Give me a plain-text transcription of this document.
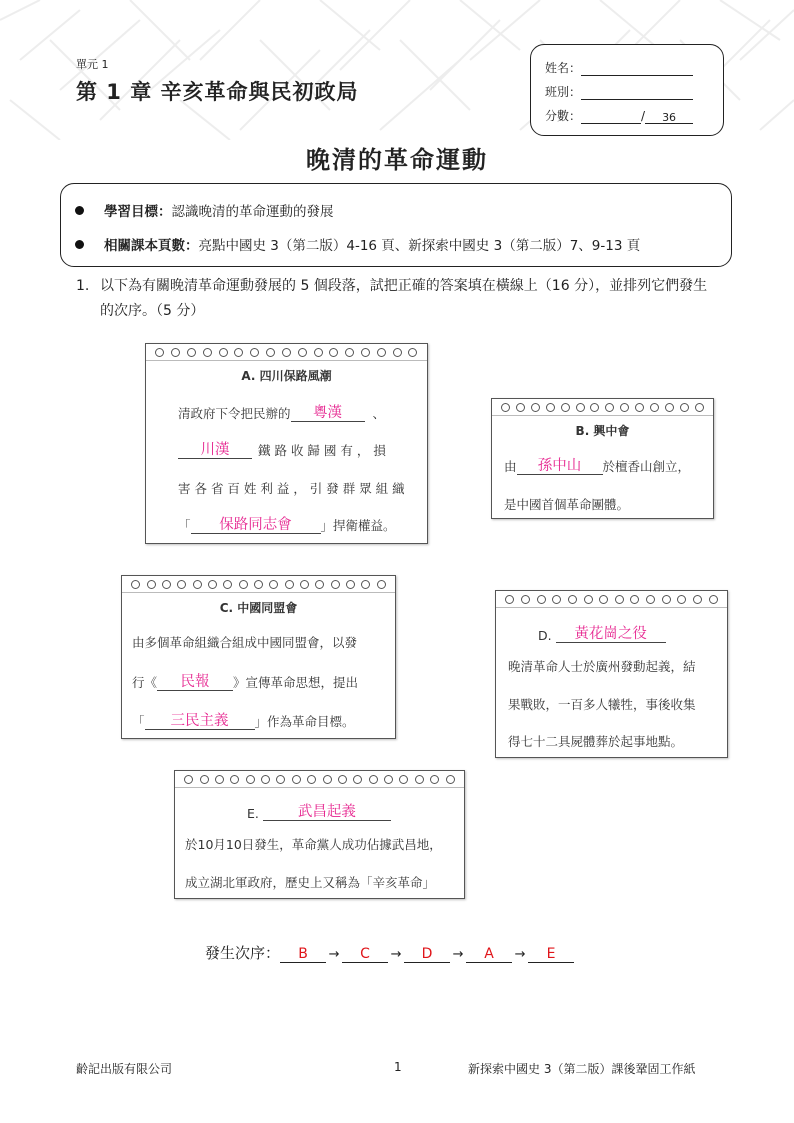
單元 1
第 1 章 辛亥革命與民初政局
姓名：
班別：
分數：	/ 36
晚清的革命運動
學習目標：認識晚清的革命運動的發展
相關課本頁數：亮點中國史 3（第二版）4-16 頁、新探索中國史 3（第二版）7、9-13 頁
1. 以下為有關晚清革命運動發展的 5 個段落，試把正確的答案填在橫線上（16 分），並排列它們發生的次序。（5 分）
A. 四川保路風潮
清政府下令把民辦的 粵漢 、
川漢 鐵 路 收 歸 國 有 ， 損
害 各 省 百 姓 利 益 ， 引 發 群 眾 組 織
「 保路同志會 」捍衛權益。
B. 興中會
由 孫中山 於檀香山創立，
是中國首個革命團體。
C. 中國同盟會
由多個革命組織合組成中國同盟會，以發
行《 民報 》宣傳革命思想，提出
「 三民主義 」作為革命目標。
D. 黃花崗之役
晚清革命人士於廣州發動起義，結
果戰敗，一百多人犧牲，事後收集
得七十二具屍體葬於起事地點。
E.	武昌起義
於10月10日發生，革命黨人成功佔據武昌地，
成立湖北軍政府，歷史上又稱為「辛亥革命」
發生次序： B → C → D → A → E
齡記出版有限公司	1	新探索中國史 3（第二版）課後鞏固工作紙
